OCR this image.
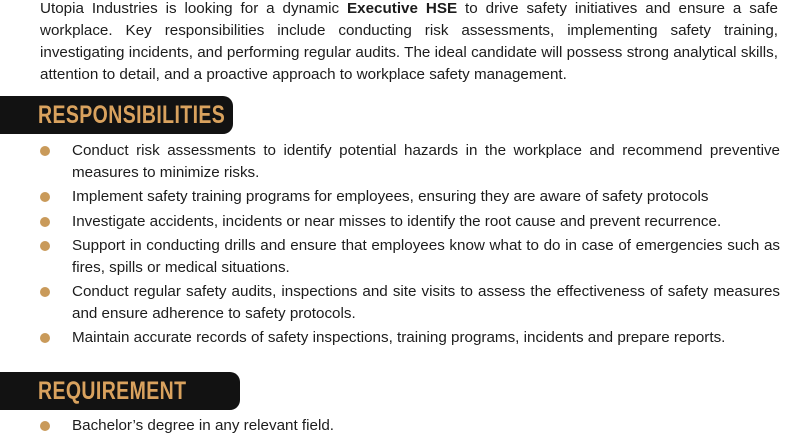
Utopia Industries is looking for a dynamic Executive HSE to drive safety initiatives and ensure a safe workplace. Key responsibilities include conducting risk assessments, implementing safety training, investigating incidents, and performing regular audits. The ideal candidate will possess strong analytical skills, attention to detail, and a proactive approach to workplace safety management.

RESPONSIBILITIES
Conduct risk assessments to identify potential hazards in the workplace and recommend preventive measures to minimize risks.
Implement safety training programs for employees, ensuring they are aware of safety protocols
Investigate accidents, incidents or near misses to identify the root cause and prevent recurrence.
Support in conducting drills and ensure that employees know what to do in case of emergencies such as fires, spills or medical situations.
Conduct regular safety audits, inspections and site visits to assess the effectiveness of safety measures and ensure adherence to safety protocols.
Maintain accurate records of safety inspections, training programs, incidents and prepare reports.
REQUIREMENT
Bachelor’s degree in any relevant field.
